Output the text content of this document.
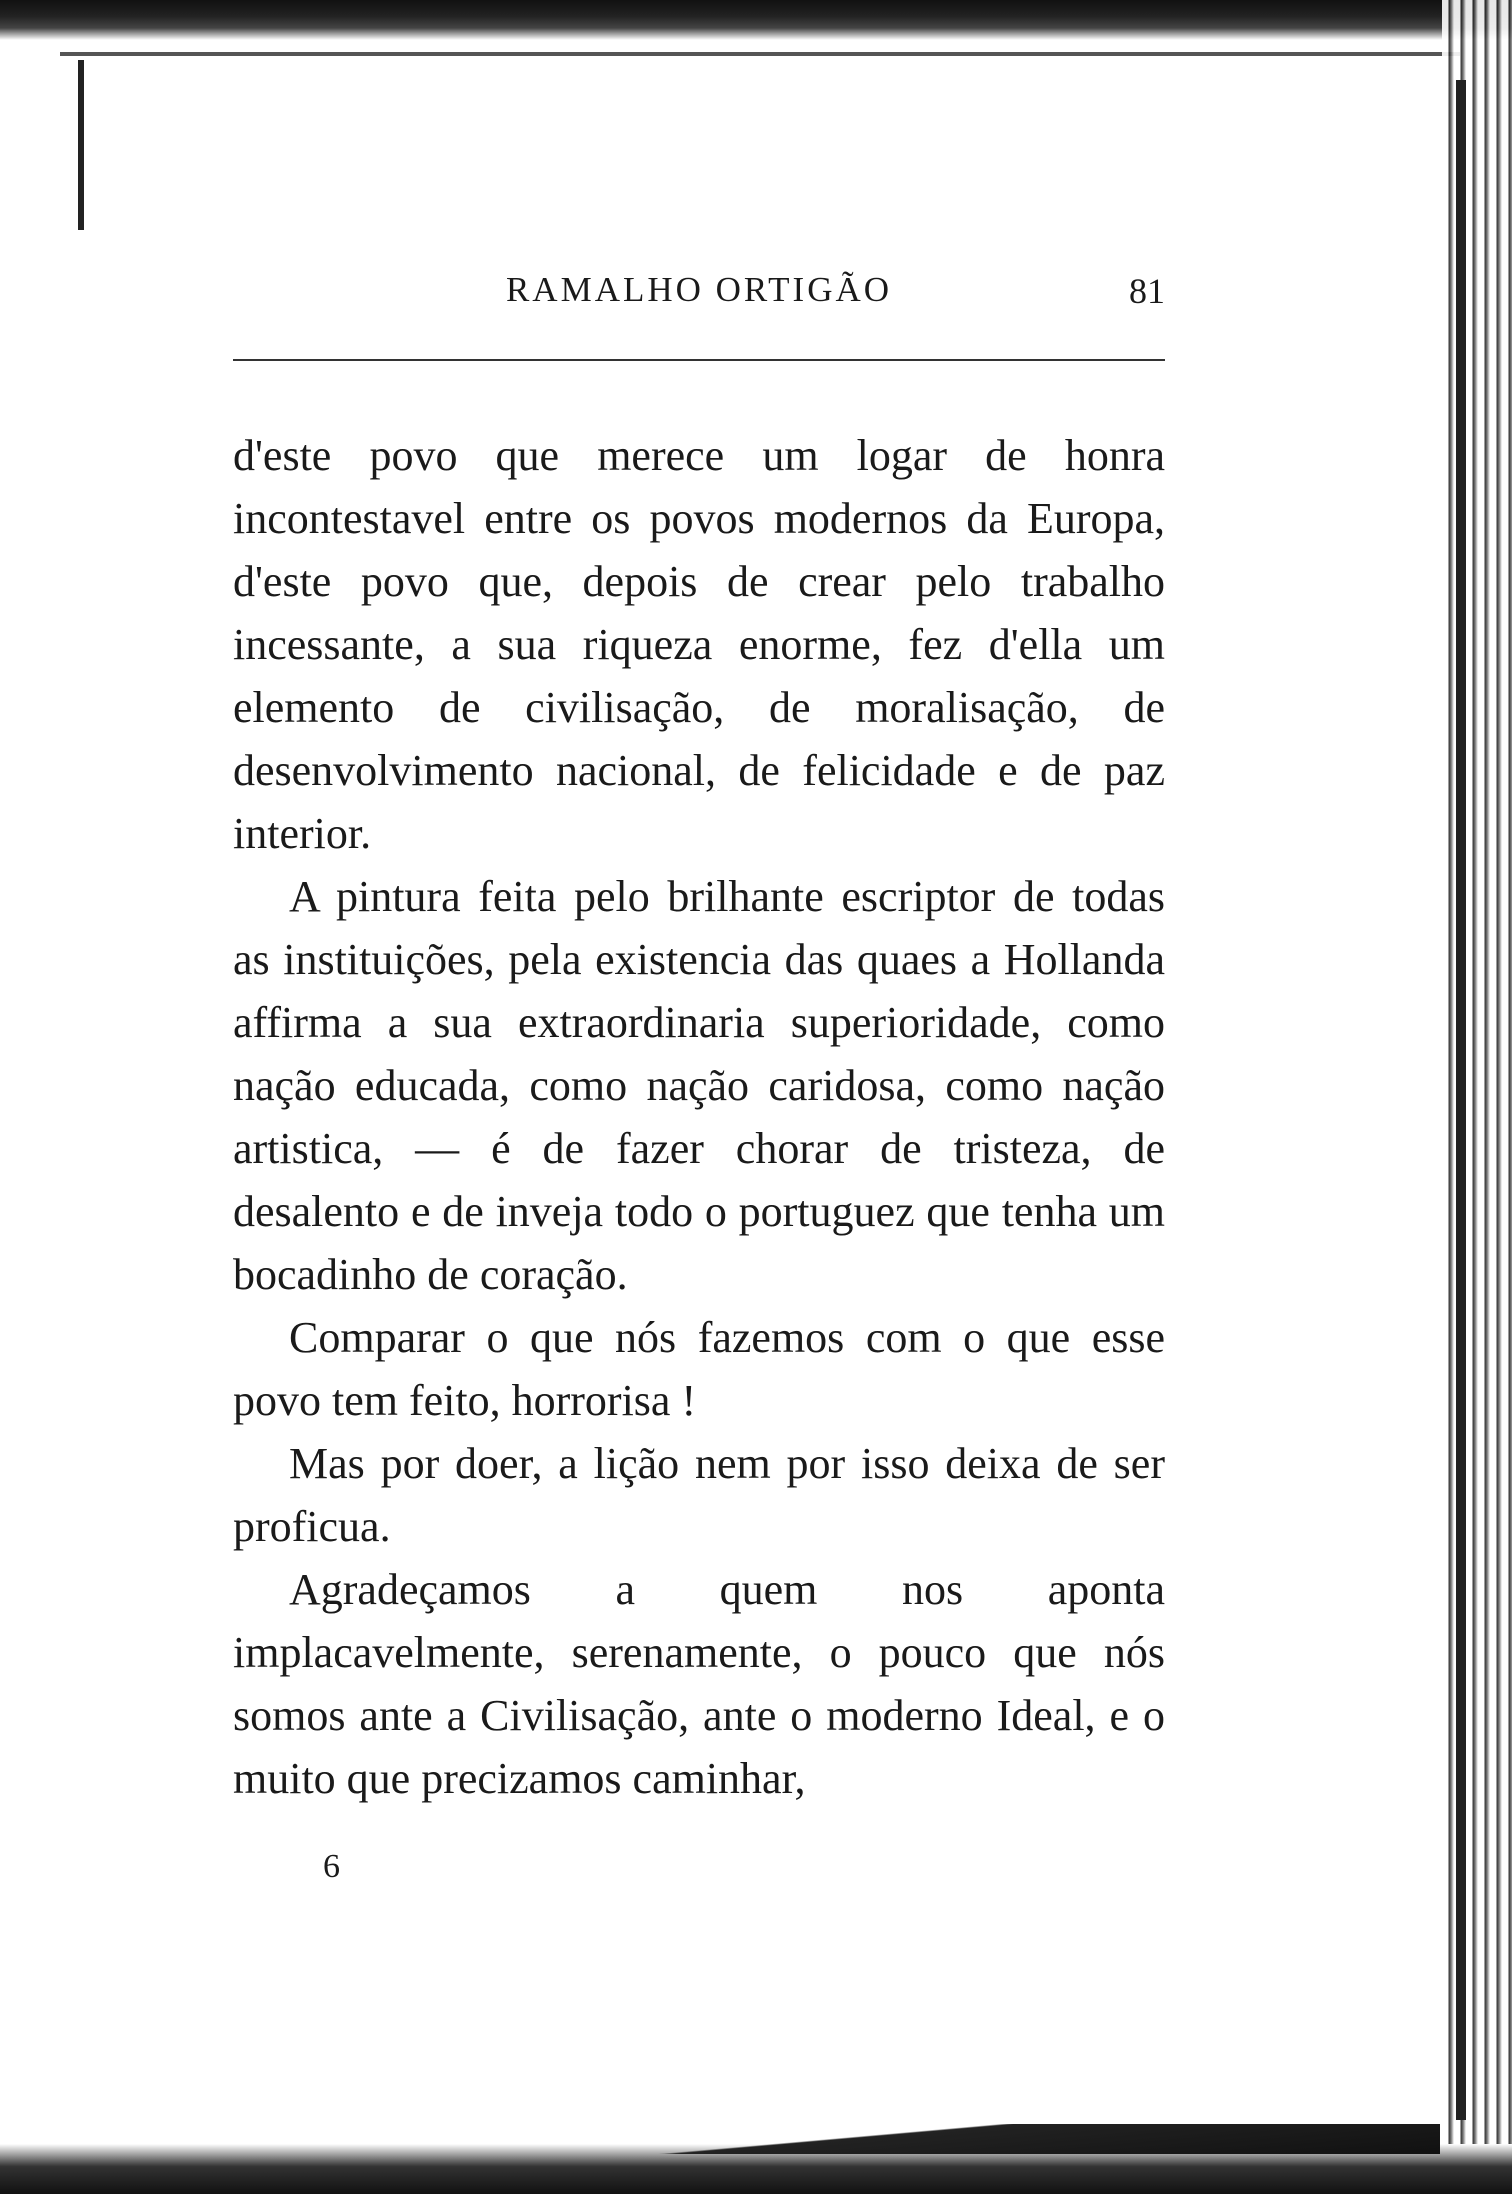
RAMALHO ORTIGÃO	81

d'este povo que merece um logar de honra incontestavel entre os povos modernos da Europa, d'este povo que, depois de crear pelo trabalho incessante, a sua riqueza enorme, fez d'ella um elemento de civilisação, de moralisação, de desenvolvimento nacional, de felicidade e de paz interior.

A pintura feita pelo brilhante escriptor de todas as instituições, pela existencia das quaes a Hollanda affirma a sua extraordinaria superioridade, como nação educada, como nação caridosa, como nação artistica, — é de fazer chorar de tristeza, de desalento e de inveja todo o portuguez que tenha um bocadinho de coração.

Comparar o que nós fazemos com o que esse povo tem feito, horrorisa !

Mas por doer, a lição nem por isso deixa de ser proficua.

Agradeçamos a quem nos aponta implacavelmente, serenamente, o pouco que nós somos ante a Civilisação, ante o moderno Ideal, e o muito que precizamos caminhar,

6
